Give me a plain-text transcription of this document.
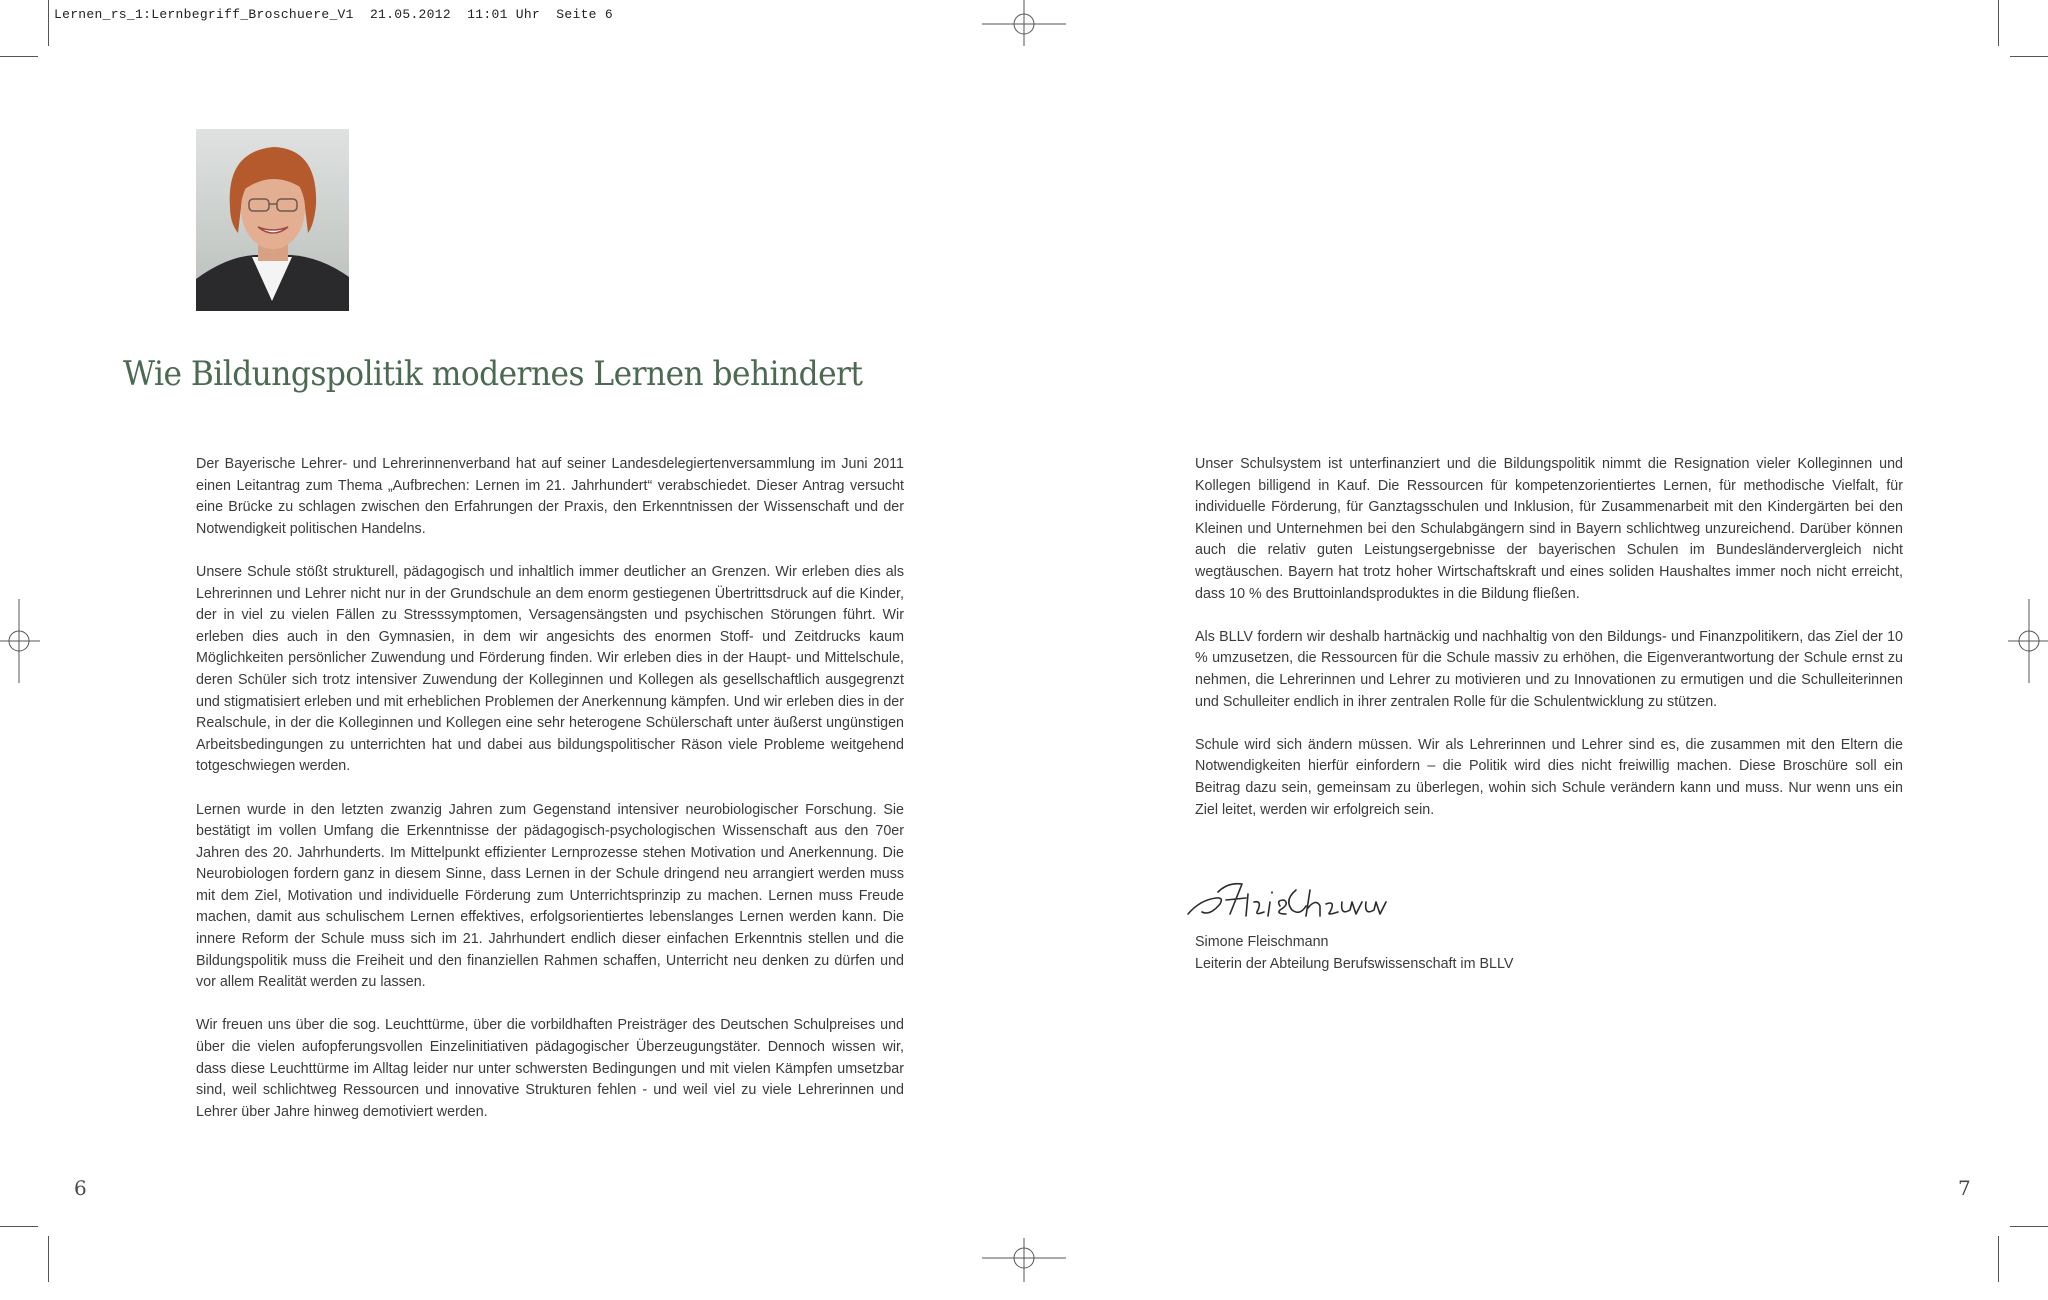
Lernen_rs_1:Lernbegriff_Broschuere_V1  21.05.2012  11:01 Uhr  Seite 6
Wie Bildungspolitik modernes Lernen behindert

Der Bayerische Lehrer- und Lehrerinnenverband hat auf seiner Landesdelegiertenversammlung im Juni 2011 einen Leitantrag zum Thema „Aufbrechen: Lernen im 21. Jahrhundert“ verabschiedet. Dieser Antrag versucht eine Brücke zu schlagen zwischen den Erfahrungen der Praxis, den Erkenntnissen der Wissenschaft und der Notwendigkeit politischen Handelns.

Unsere Schule stößt strukturell, pädagogisch und inhaltlich immer deutlicher an Grenzen. Wir erleben dies als Lehrerinnen und Lehrer nicht nur in der Grundschule an dem enorm gestiegenen Übertrittsdruck auf die Kinder, der in viel zu vielen Fällen zu Stresssymptomen, Versagensängsten und psychischen Störungen führt. Wir erleben dies auch in den Gymnasien, in dem wir angesichts des enormen Stoff- und Zeitdrucks kaum Möglichkeiten persönlicher Zuwendung und Förderung finden. Wir erleben dies in der Haupt- und Mittelschule, deren Schüler sich trotz intensiver Zuwendung der Kolleginnen und Kollegen als gesellschaftlich ausgegrenzt und stigmatisiert erleben und mit erheblichen Problemen der Anerkennung kämpfen. Und wir erleben dies in der Realschule, in der die Kolleginnen und Kollegen eine sehr heterogene Schülerschaft unter äußerst ungünstigen Arbeitsbedingungen zu unterrichten hat und dabei aus bildungspolitischer Räson viele Probleme weitgehend totgeschwiegen werden.

Lernen wurde in den letzten zwanzig Jahren zum Gegenstand intensiver neurobiologischer Forschung. Sie bestätigt im vollen Umfang die Erkenntnisse der pädagogisch-psychologischen Wissenschaft aus den 70er Jahren des 20. Jahrhunderts. Im Mittelpunkt effizienter Lernprozesse stehen Motivation und Anerkennung. Die Neurobiologen fordern ganz in diesem Sinne, dass Lernen in der Schule dringend neu arrangiert werden muss mit dem Ziel, Motivation und individuelle Förderung zum Unterrichtsprinzip zu machen. Lernen muss Freude machen, damit aus schulischem Lernen effektives, erfolgsorientiertes lebenslanges Lernen werden kann. Die innere Reform der Schule muss sich im 21. Jahrhundert endlich dieser einfachen Erkenntnis stellen und die Bildungspolitik muss die Freiheit und den finanziellen Rahmen schaffen, Unterricht neu denken zu dürfen und vor allem Realität werden zu lassen.

Wir freuen uns über die sog. Leuchttürme, über die vorbildhaften Preisträger des Deutschen Schulpreises und über die vielen aufopferungsvollen Einzelinitiativen pädagogischer Überzeugungstäter. Dennoch wissen wir, dass diese Leuchttürme im Alltag leider nur unter schwersten Bedingungen und mit vielen Kämpfen umsetzbar sind, weil schlichtweg Ressourcen und innovative Strukturen fehlen - und weil viel zu viele Lehrerinnen und Lehrer über Jahre hinweg demotiviert werden.

Unser Schulsystem ist unterfinanziert und die Bildungspolitik nimmt die Resignation vieler Kolleginnen und Kollegen billigend in Kauf. Die Ressourcen für kompetenzorientiertes Lernen, für methodische Vielfalt, für individuelle Förderung, für Ganztagsschulen und Inklusion, für Zusammenarbeit mit den Kindergärten bei den Kleinen und Unternehmen bei den Schulabgängern sind in Bayern schlichtweg unzureichend. Darüber können auch die relativ guten Leistungsergebnisse der bayerischen Schulen im Bundesländervergleich nicht wegtäuschen. Bayern hat trotz hoher Wirtschaftskraft und eines soliden Haushaltes immer noch nicht erreicht, dass 10 % des Bruttoinlandsproduktes in die Bildung fließen.

Als BLLV fordern wir deshalb hartnäckig und nachhaltig von den Bildungs- und Finanzpolitikern, das Ziel der 10 % umzusetzen, die Ressourcen für die Schule massiv zu erhöhen, die Eigenverantwortung der Schule ernst zu nehmen, die Lehrerinnen und Lehrer zu motivieren und zu Innovationen zu ermutigen und die Schulleiterinnen und Schulleiter endlich in ihrer zentralen Rolle für die Schulentwicklung zu stützen.

Schule wird sich ändern müssen. Wir als Lehrerinnen und Lehrer sind es, die zusammen mit den Eltern die Notwendigkeiten hierfür einfordern – die Politik wird dies nicht freiwillig machen. Diese Broschüre soll ein Beitrag dazu sein, gemeinsam zu überlegen, wohin sich Schule verändern kann und muss. Nur wenn uns ein Ziel leitet, werden wir erfolgreich sein.

Simone Fleischmann
Leiterin der Abteilung Berufswissenschaft im BLLV
6	7
